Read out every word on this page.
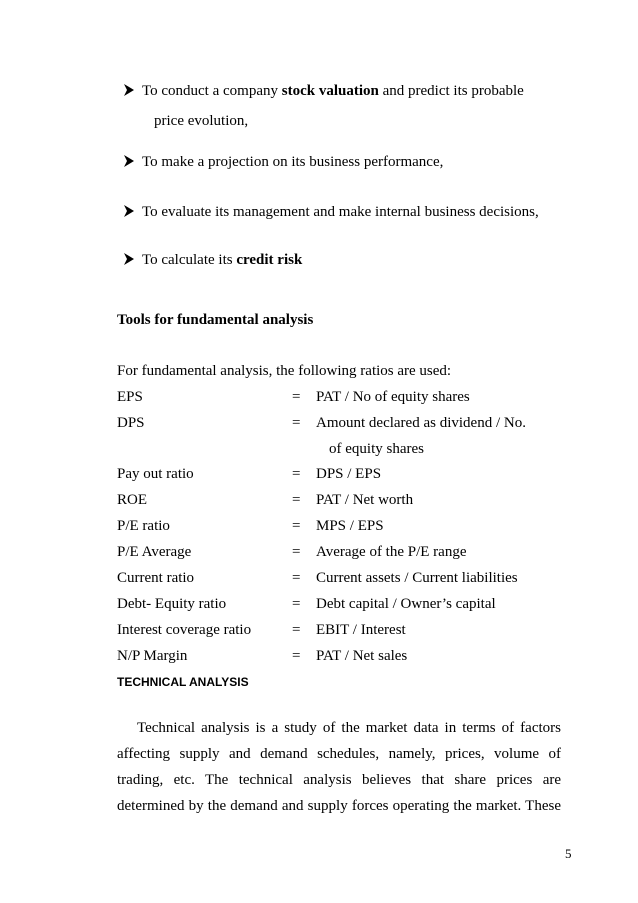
To conduct a company stock valuation and predict its probable
price evolution,
To make a projection on its business performance,
To evaluate its management and make internal business decisions,
To calculate its credit risk
Tools for fundamental analysis
For fundamental analysis, the following ratios are used:
EPS	= PAT / No of equity shares
DPS	= Amount declared as dividend / No.
of equity shares
Pay out ratio	= DPS / EPS
ROE	= PAT / Net worth
P/E ratio	= MPS / EPS
P/E Average	= Average of the P/E range
Current ratio	= Current assets / Current liabilities
Debt- Equity ratio	= Debt capital / Owner’s capital
Interest coverage ratio	= EBIT / Interest
N/P Margin	= PAT / Net sales
TECHNICAL ANALYSIS
Technical analysis is a study of the market data in terms of factors
affecting supply and demand schedules, namely, prices, volume of
trading, etc. The technical analysis believes that share prices are
determined by the demand and supply forces operating the market. These
5
